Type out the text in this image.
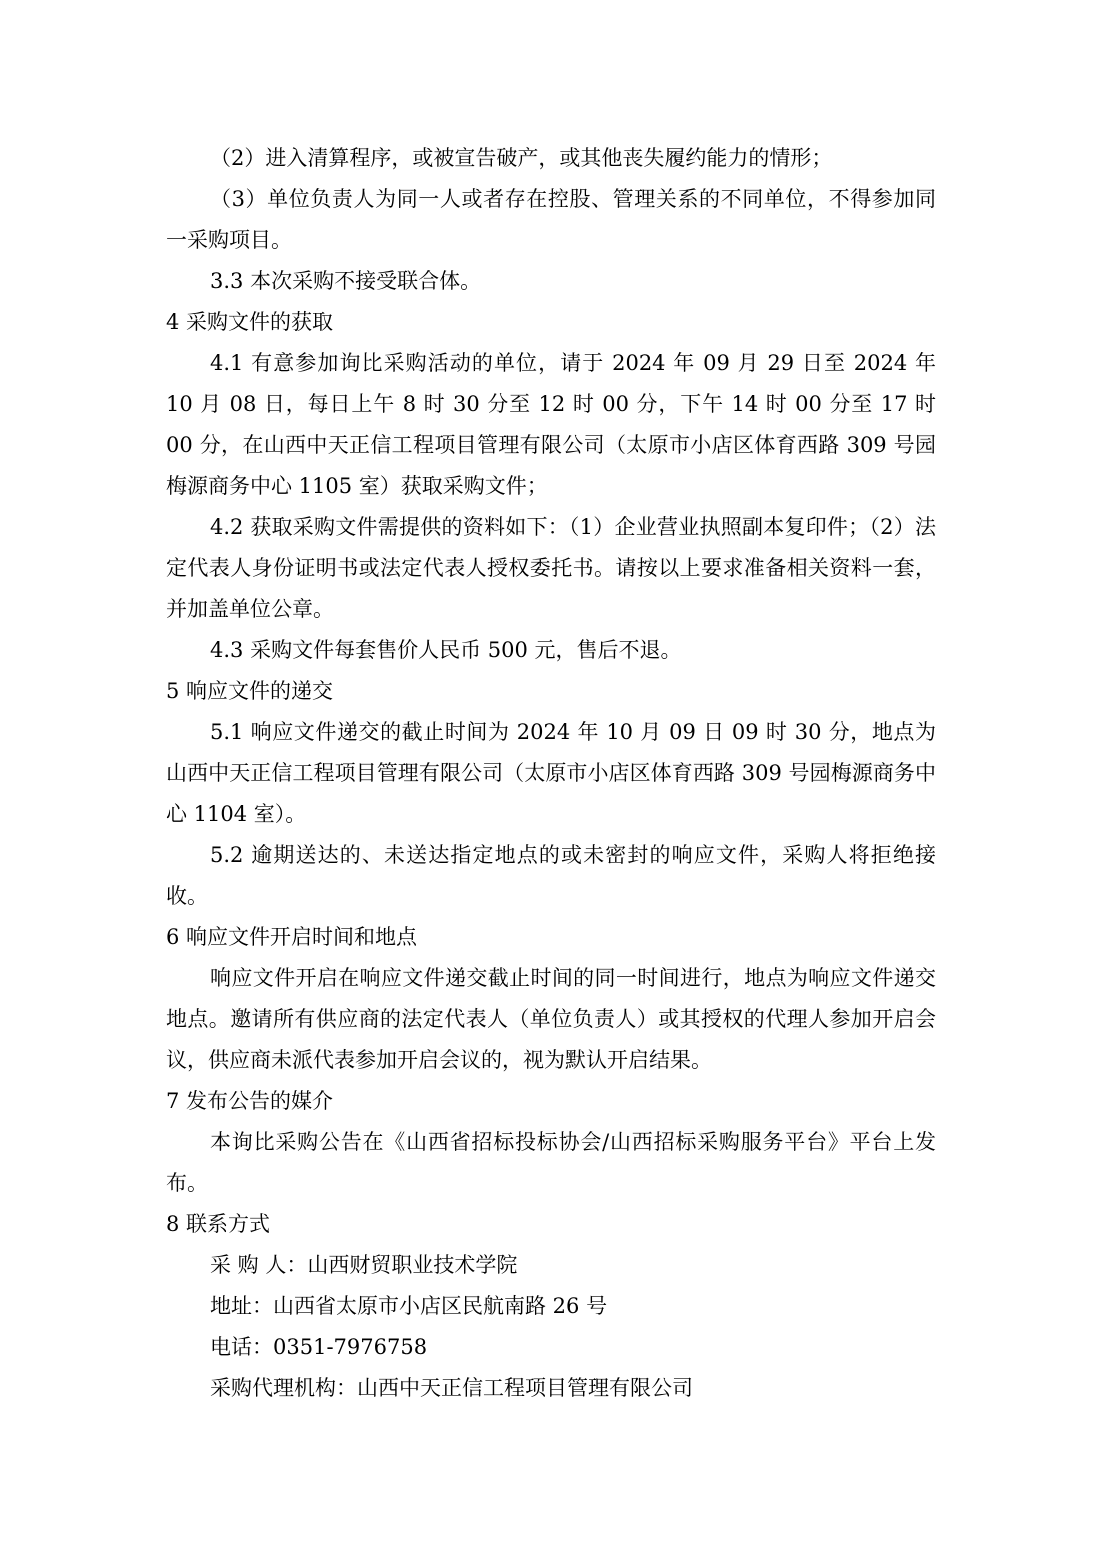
（2）进入清算程序，或被宣告破产，或其他丧失履约能力的情形；

（3）单位负责人为同一人或者存在控股、管理关系的不同单位，不得参加同一采购项目。

3.3 本次采购不接受联合体。

4 采购文件的获取

4.1 有意参加询比采购活动的单位，请于 2024 年 09 月 29 日至 2024 年 10 月 08 日，每日上午 8 时 30 分至 12 时 00 分，下午 14 时 00 分至 17 时 00 分，在山西中天正信工程项目管理有限公司（太原市小店区体育西路 309 号园梅源商务中心 1105 室）获取采购文件；

4.2 获取采购文件需提供的资料如下：（1）企业营业执照副本复印件；（2）法定代表人身份证明书或法定代表人授权委托书。请按以上要求准备相关资料一套，并加盖单位公章。

4.3 采购文件每套售价人民币 500 元，售后不退。

5 响应文件的递交

5.1 响应文件递交的截止时间为 2024 年 10 月 09 日 09 时 30 分，地点为山西中天正信工程项目管理有限公司（太原市小店区体育西路 309 号园梅源商务中心 1104 室）。

5.2 逾期送达的、未送达指定地点的或未密封的响应文件，采购人将拒绝接收。

6 响应文件开启时间和地点

响应文件开启在响应文件递交截止时间的同一时间进行，地点为响应文件递交地点。邀请所有供应商的法定代表人（单位负责人）或其授权的代理人参加开启会议，供应商未派代表参加开启会议的，视为默认开启结果。

7 发布公告的媒介

本询比采购公告在《山西省招标投标协会/山西招标采购服务平台》平台上发布。

8 联系方式

采 购 人：山西财贸职业技术学院

地址：山西省太原市小店区民航南路 26 号

电话：0351-7976758

采购代理机构：山西中天正信工程项目管理有限公司
